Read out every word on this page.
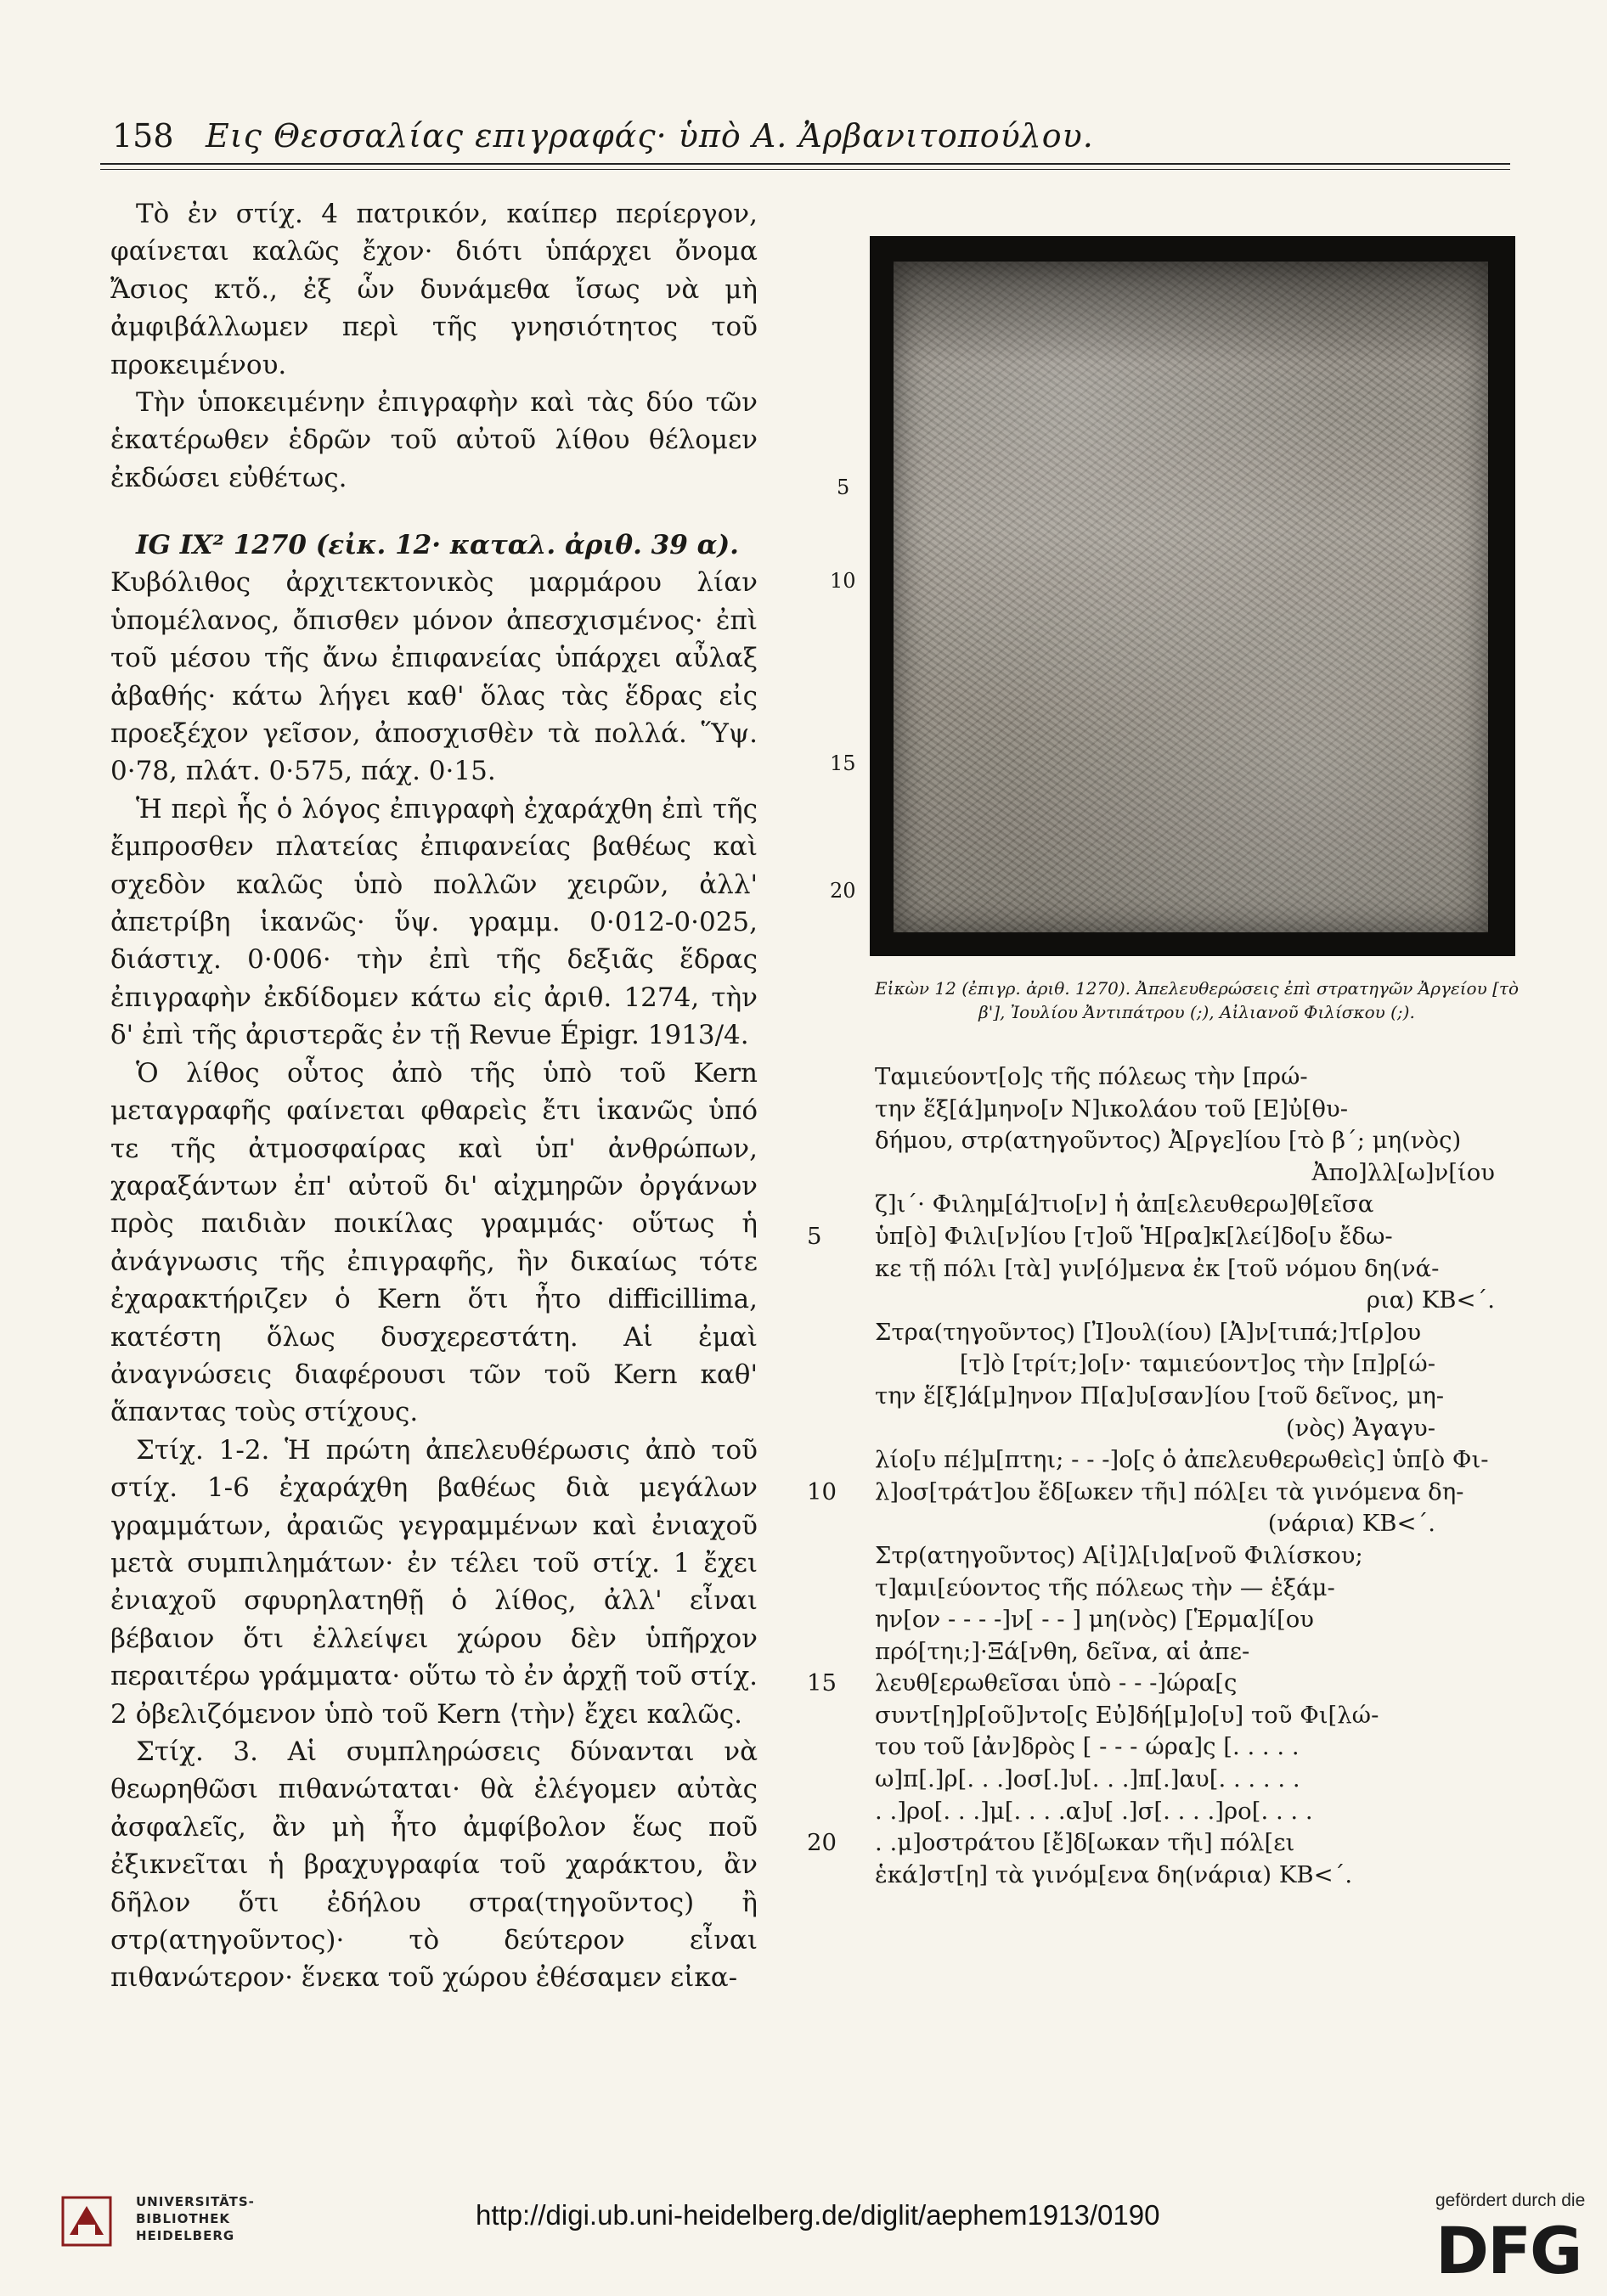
158 Εις Θεσσαλίας επιγραφάς· ὑπὸ Α. Ἀρβανιτοπούλου.

Τὸ ἐν στίχ. 4 πατρικόν, καίπερ περίεργον, φαίνεται καλῶς ἔχον· διότι ὑπάρχει ὄνομα Ἄσιος κτὅ., ἐξ ὧν δυνάμεθα ἴσως νὰ μὴ ἀμφιβάλλωμεν περὶ τῆς γνησιότητος τοῦ προκειμένου.

Τὴν ὑποκειμένην ἐπιγραφὴν καὶ τὰς δύο τῶν ἑκατέρωθεν ἑδρῶν τοῦ αὐτοῦ λίθου θέλομεν ἐκδώσει εὐθέτως.

IG IX² 1270 (εἰκ. 12· καταλ. ἀριθ. 39 α).

Κυβόλιθος ἀρχιτεκτονικὸς μαρμάρου λίαν ὑπομέλανος, ὄπισθεν μόνον ἀπεσχισμένος· ἐπὶ τοῦ μέσου τῆς ἄνω ἐπιφανείας ὑπάρχει αὖλαξ ἀβαθής· κάτω λήγει καθ' ὅλας τὰς ἕδρας εἰς προεξέχον γεῖσον, ἀποσχισθὲν τὰ πολλά. Ὕψ. 0·78, πλάτ. 0·575, πάχ. 0·15.

Ἡ περὶ ἧς ὁ λόγος ἐπιγραφὴ ἐχαράχθη ἐπὶ τῆς ἔμπροσθεν πλατείας ἐπιφανείας βαθέως καὶ σχεδὸν καλῶς ὑπὸ πολλῶν χειρῶν, ἀλλ' ἀπετρίβη ἱκανῶς· ὕψ. γραμμ. 0·012-0·025, διάστιχ. 0·006· τὴν ἐπὶ τῆς δεξιᾶς ἕδρας ἐπιγραφὴν ἐκδίδομεν κάτω εἰς ἀριθ. 1274, τὴν δ' ἐπὶ τῆς ἀριστερᾶς ἐν τῇ Revue Épigr. 1913/4.

Ὁ λίθος οὗτος ἀπὸ τῆς ὑπὸ τοῦ Kern μεταγραφῆς φαίνεται φθαρεὶς ἔτι ἱκανῶς ὑπό τε τῆς ἀτμοσφαίρας καὶ ὑπ' ἀνθρώπων, χαραξάντων ἐπ' αὐτοῦ δι' αἰχμηρῶν ὀργάνων πρὸς παιδιὰν ποικίλας γραμμάς· οὕτως ἡ ἀνάγνωσις τῆς ἐπιγραφῆς, ἣν δικαίως τότε ἐχαρακτήριζεν ὁ Kern ὅτι ἦτο difficillima, κατέστη ὅλως δυσχερεστάτη. Αἱ ἐμαὶ ἀναγνώσεις διαφέρουσι τῶν τοῦ Kern καθ' ἅπαντας τοὺς στίχους.

Στίχ. 1-2. Ἡ πρώτη ἀπελευθέρωσις ἀπὸ τοῦ στίχ. 1-6 ἐχαράχθη βαθέως διὰ μεγάλων γραμμάτων, ἀραιῶς γεγραμμένων καὶ ἐνιαχοῦ μετὰ συμπιλημάτων· ἐν τέλει τοῦ στίχ. 1 ἔχει ἐνιαχοῦ σφυρηλατηθῇ ὁ λίθος, ἀλλ' εἶναι βέβαιον ὅτι ἐλλείψει χώρου δὲν ὑπῆρχον περαιτέρω γράμματα· οὕτω τὸ ἐν ἀρχῇ τοῦ στίχ. 2 ὀβελιζόμενον ὑπὸ τοῦ Kern ⟨τὴν⟩ ἔχει καλῶς.

Στίχ. 3. Αἱ συμπληρώσεις δύνανται νὰ θεωρηθῶσι πιθανώταται· θὰ ἐλέγομεν αὐτὰς ἀσφαλεῖς, ἂν μὴ ἦτο ἀμφίβολον ἕως ποῦ ἐξικνεῖται ἡ βραχυγραφία τοῦ χαράκτου, ἂν δῆλον ὅτι ἐδήλου στρα(τηγοῦντος) ἢ στρ(ατηγοῦντος)· τὸ δεύτερον εἶναι πιθανώτερον· ἕνεκα τοῦ χώρου ἐθέσαμεν εἰκα-

5
10
15
20
Εἰκὼν 12 (ἐπιγρ. ἀριθ. 1270). Ἀπελευθερώσεις ἐπὶ στρατηγῶν Ἀργείου [τὸ β'], Ἰουλίου Ἀντιπάτρου (;), Αἰλιανοῦ Φιλίσκου (;).
Ταμιεύοντ[ο]ς τῆς πόλεως τὴν [πρώ-
την ἕξ[ά]μηνο[ν Ν]ικολάου τοῦ [Ε]ὐ[θυ-
δήμου, στρ(ατηγοῦντος) Ἀ[ργε]ίου [τὸ β΄; μη(νὸς)
Ἀπο]λλ[ω]ν[ίου
ζ]ι΄· Φιλημ[ά]τιο[ν] ἡ ἀπ[ελευθερω]θ[εῖσα
5	ὑπ[ὸ] Φιλι[ν]ίου [τ]οῦ Ἡ[ρα]κ[λεί]δο[υ ἔδω-
κε τῇ πόλι [τὰ] γιν[ό]μενα ἐκ [τοῦ νόμου δη(νά-
ρια) ΚΒ<΄.
Στρα(τηγοῦντος) [Ἰ]ουλ(ίου) [Ἀ]ν[τιπά;]τ[ρ]ου
[τ]ὸ [τρίτ;]ο[ν· ταμιεύοντ]ος τὴν [π]ρ[ώ-
την ἕ[ξ]ά[μ]ηνον Π[α]υ[σαν]ίου [τοῦ δεῖνος, μη-
(νὸς) Ἀγαγυ-
λίο[υ πέ]μ[πτηι; - - -]ο[ς ὁ ἀπελευθερωθεὶς] ὑπ[ὸ Φι-
10	λ]οσ[τράτ]ου ἔδ[ωκεν τῆι] πόλ[ει τὰ γινόμενα δη-
(νάρια) ΚΒ<΄.
Στρ(ατηγοῦντος) Α[ἰ]λ[ι]α[νοῦ Φιλίσκου;
τ]αμι[εύοντος τῆς πόλεως τὴν — ἑξάμ-
ην[ον - - - -]ν[ - - ] μη(νὸς) [Ἑρμα]ί[ου
πρό[τηι;]·Ξά[νθη, δεῖνα, αἱ ἀπε-
15	λευθ[ερωθεῖσαι ὑπὸ - - -]ώρα[ς
συντ[η]ρ[οῦ]ντο[ς Εὐ]δή[μ]ο[υ] τοῦ Φι[λώ-
του τοῦ [ἀν]δρὸς [ - - - ώρα]ς [. . . . .
ω]π[.]ρ[. . .]οσ[.]υ[. . .]π[.]αυ[. . . . . .
. .]ρο[. . .]μ[. . . .α]υ[ .]σ[. . . .]ρο[. . . .
20	. .μ]οστράτου [ἔ]δ[ωκαν τῆι] πόλ[ει
ἑκά]στ[η] τὰ γινόμ[ενα δη(νάρια) ΚΒ<΄.
UNIVERSITÄTS-
BIBLIOTHEK
HEIDELBERG
http://digi.ub.uni-heidelberg.de/diglit/aephem1913/0190	gefördert durch die
DFG
